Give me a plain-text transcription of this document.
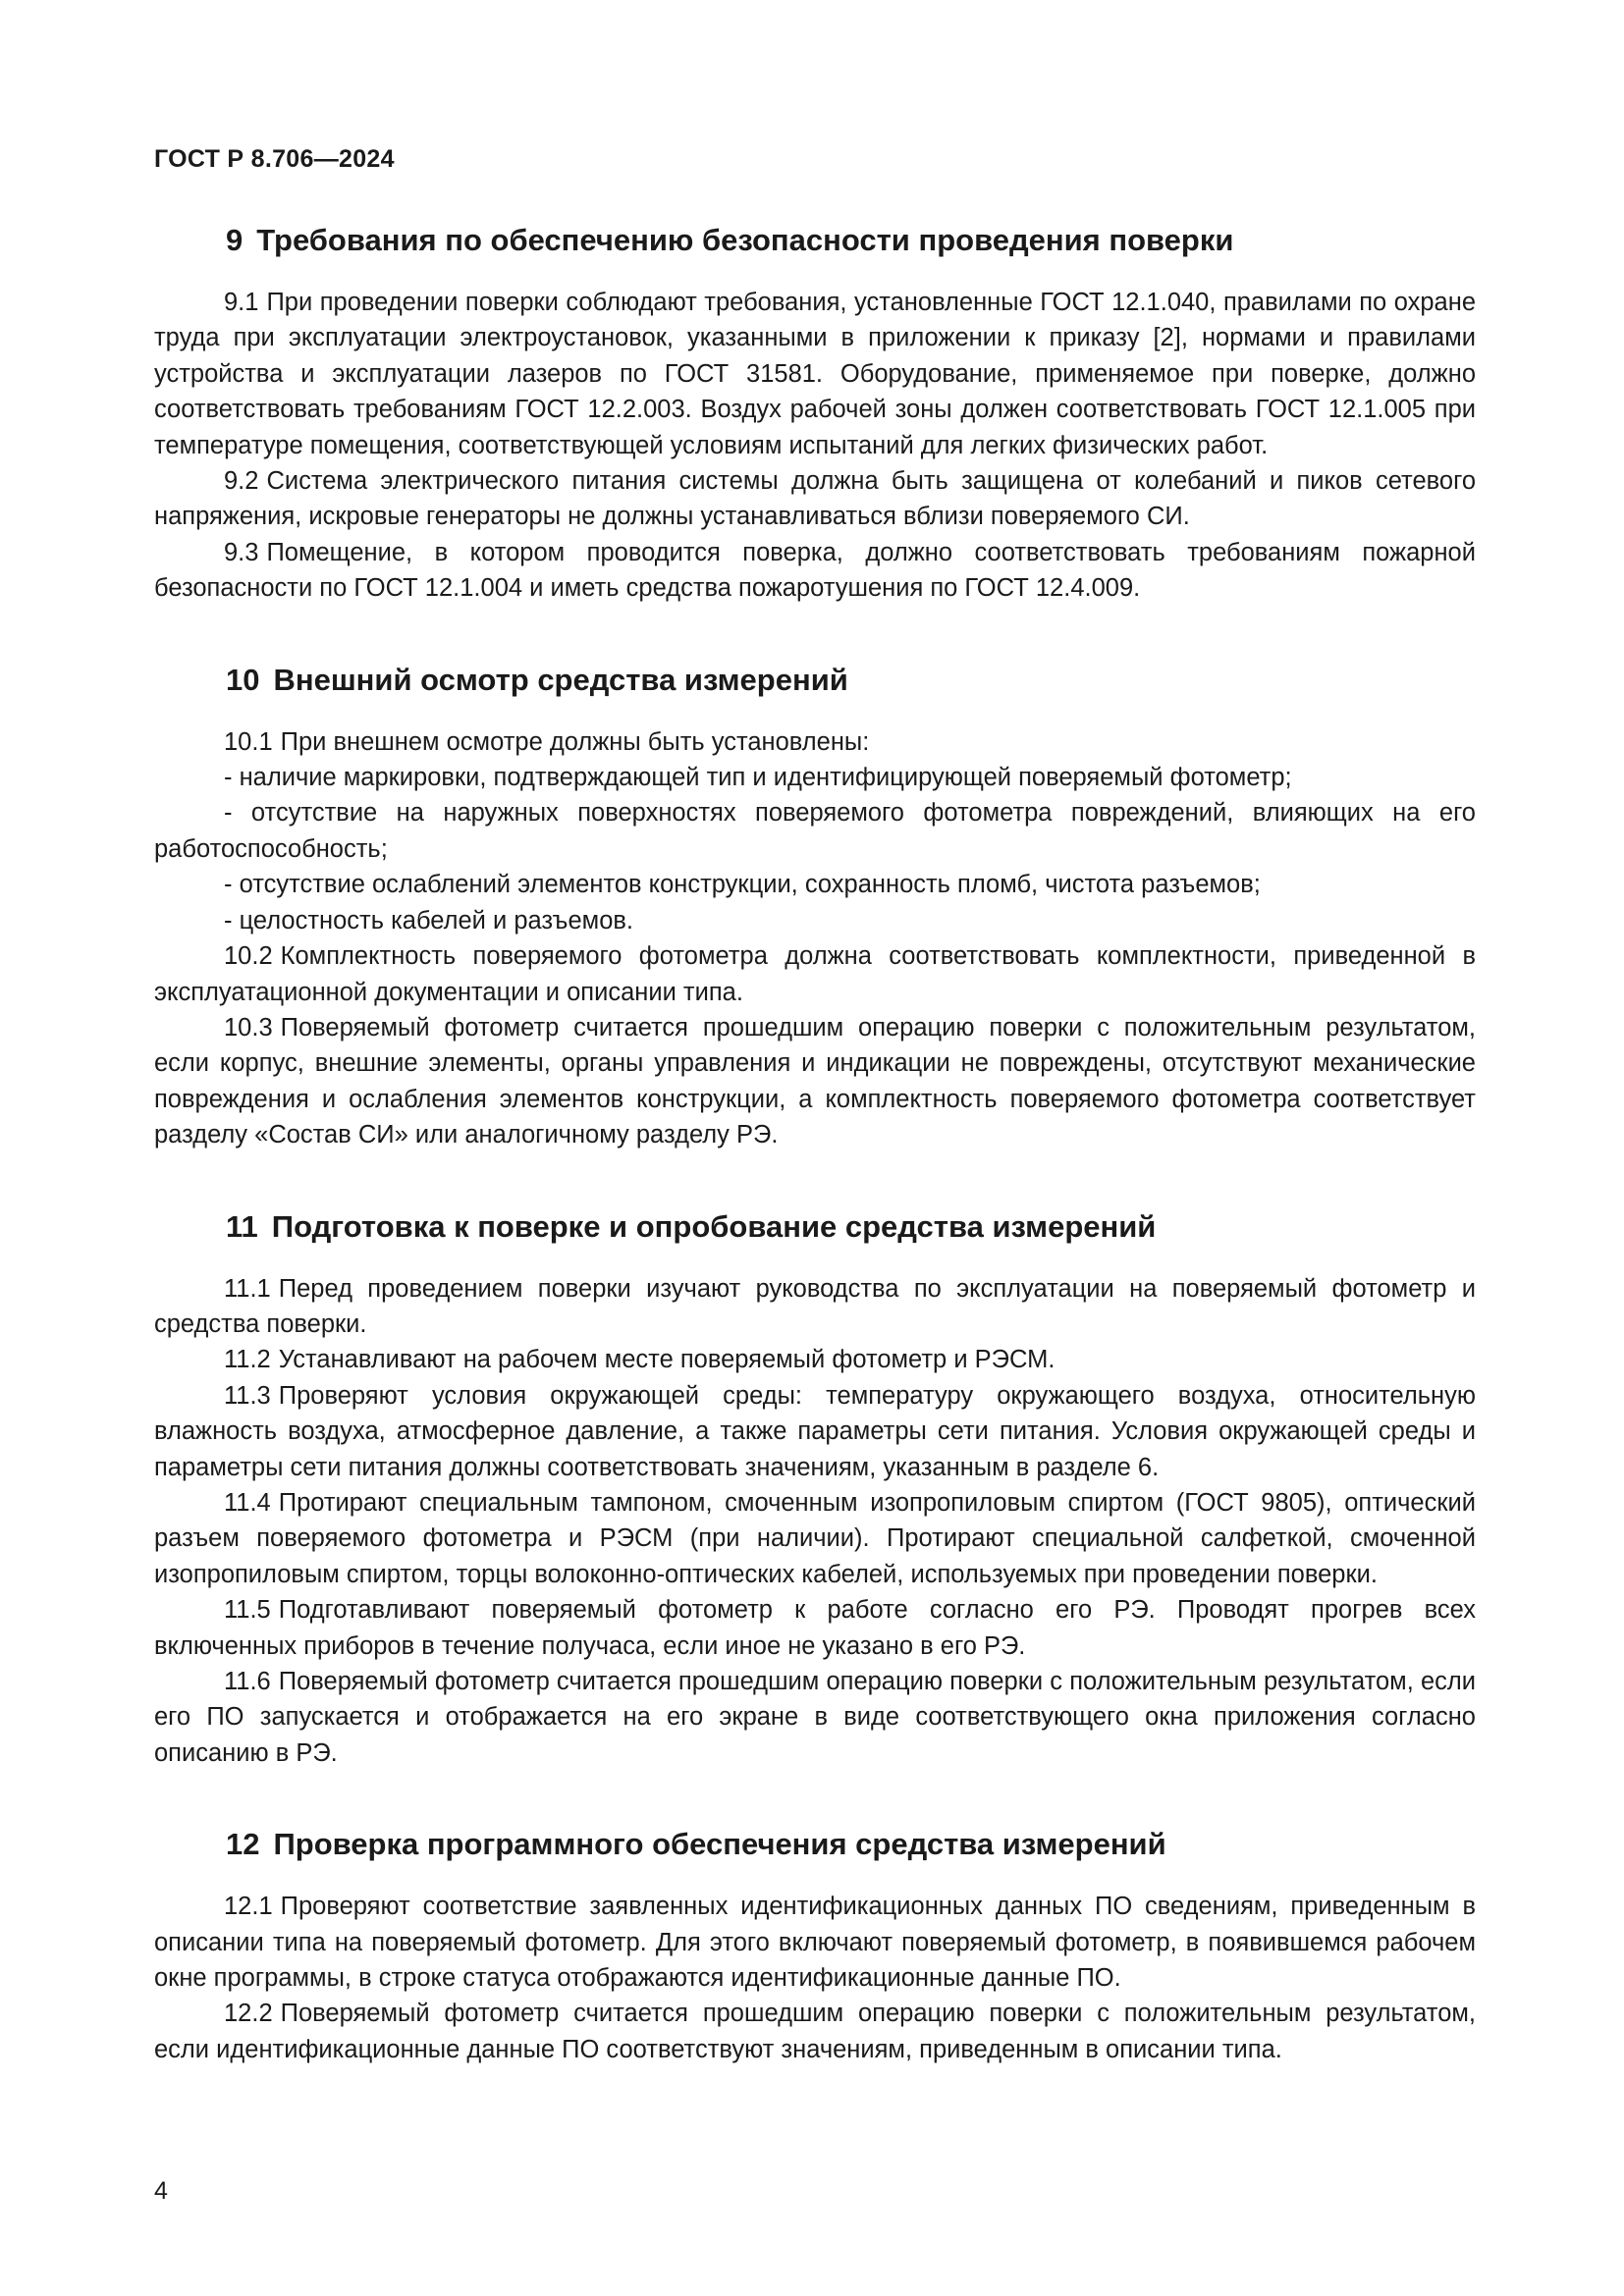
ГОСТ Р 8.706—2024
9 Требования по обеспечению безопасности проведения поверки

9.1 При проведении поверки соблюдают требования, установленные ГОСТ 12.1.040, правилами по охране труда при эксплуатации электроустановок, указанными в приложении к приказу [2], нормами и правилами устройства и эксплуатации лазеров по ГОСТ 31581. Оборудование, применяемое при поверке, должно соответствовать требованиям ГОСТ 12.2.003. Воздух рабочей зоны должен соответствовать ГОСТ 12.1.005 при температуре помещения, соответствующей условиям испытаний для легких физических работ.

9.2 Система электрического питания системы должна быть защищена от колебаний и пиков сетевого напряжения, искровые генераторы не должны устанавливаться вблизи поверяемого СИ.

9.3 Помещение, в котором проводится поверка, должно соответствовать требованиям пожарной безопасности по ГОСТ 12.1.004 и иметь средства пожаротушения по ГОСТ 12.4.009.

10 Внешний осмотр средства измерений

10.1 При внешнем осмотре должны быть установлены:

- наличие маркировки, подтверждающей тип и идентифицирующей поверяемый фотометр;

- отсутствие на наружных поверхностях поверяемого фотометра повреждений, влияющих на его работоспособность;

- отсутствие ослаблений элементов конструкции, сохранность пломб, чистота разъемов;

- целостность кабелей и разъемов.

10.2 Комплектность поверяемого фотометра должна соответствовать комплектности, приведенной в эксплуатационной документации и описании типа.

10.3 Поверяемый фотометр считается прошедшим операцию поверки с положительным результатом, если корпус, внешние элементы, органы управления и индикации не повреждены, отсутствуют механические повреждения и ослабления элементов конструкции, а комплектность поверяемого фотометра соответствует разделу «Состав СИ» или аналогичному разделу РЭ.

11 Подготовка к поверке и опробование средства измерений

11.1 Перед проведением поверки изучают руководства по эксплуатации на поверяемый фотометр и средства поверки.

11.2 Устанавливают на рабочем месте поверяемый фотометр и РЭСМ.

11.3 Проверяют условия окружающей среды: температуру окружающего воздуха, относительную влажность воздуха, атмосферное давление, а также параметры сети питания. Условия окружающей среды и параметры сети питания должны соответствовать значениям, указанным в разделе 6.

11.4 Протирают специальным тампоном, смоченным изопропиловым спиртом (ГОСТ 9805), оптический разъем поверяемого фотометра и РЭСМ (при наличии). Протирают специальной салфеткой, смоченной изопропиловым спиртом, торцы волоконно-оптических кабелей, используемых при проведении поверки.

11.5 Подготавливают поверяемый фотометр к работе согласно его РЭ. Проводят прогрев всех включенных приборов в течение получаса, если иное не указано в его РЭ.

11.6 Поверяемый фотометр считается прошедшим операцию поверки с положительным результатом, если его ПО запускается и отображается на его экране в виде соответствующего окна приложения согласно описанию в РЭ.

12 Проверка программного обеспечения средства измерений

12.1 Проверяют соответствие заявленных идентификационных данных ПО сведениям, приведенным в описании типа на поверяемый фотометр. Для этого включают поверяемый фотометр, в появившемся рабочем окне программы, в строке статуса отображаются идентификационные данные ПО.

12.2 Поверяемый фотометр считается прошедшим операцию поверки с положительным результатом, если идентификационные данные ПО соответствуют значениям, приведенным в описании типа.

4
